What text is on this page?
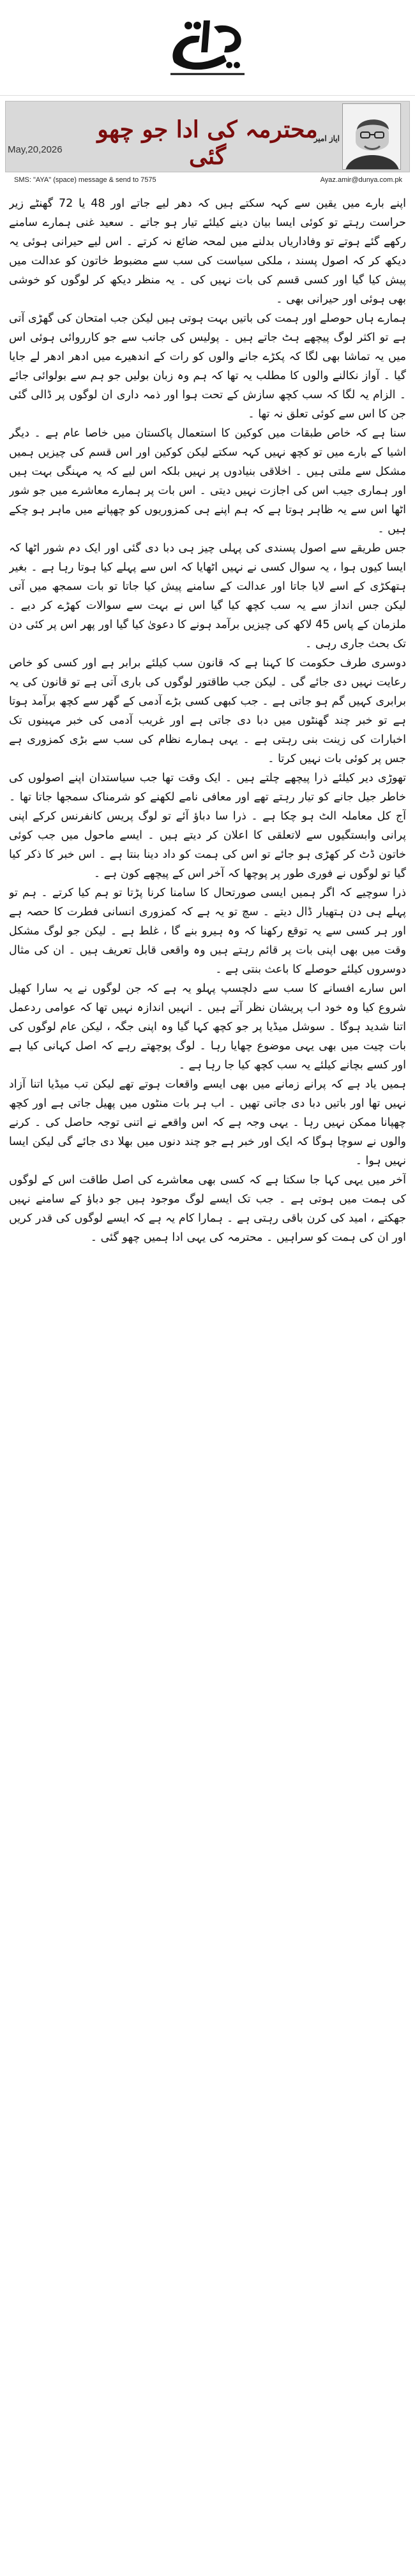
محترمہ کی ادا جو چھو گئی
ایاز امیر
May,20,2026
SMS: "AYA" (space) message & send to 7575	Ayaz.amir@dunya.com.pk

اپنے بارے میں یقین سے کہہ سکتے ہیں کہ دھر لیے جاتے اور 48 یا 72 گھنٹے زیر حراست رہتے تو کوئی ایسا بیان دینے کیلئے تیار ہو جاتے ۔ سعید غنی ہمارے سامنے رکھے گئے ہوتے تو وفاداریاں بدلنے میں لمحہ ضائع نہ کرتے ۔ اس لیے حیرانی ہوئی یہ دیکھ کر کہ اصول پسند ، ملکی سیاست کی سب سے مضبوط خاتون کو عدالت میں پیش کیا گیا اور کسی قسم کی بات نہیں کی ۔ یہ منظر دیکھ کر لوگوں کو خوشی بھی ہوئی اور حیرانی بھی ۔

ہمارے ہاں حوصلے اور ہمت کی باتیں بہت ہوتی ہیں لیکن جب امتحان کی گھڑی آتی ہے تو اکثر لوگ پیچھے ہٹ جاتے ہیں ۔ پولیس کی جانب سے جو کارروائی ہوئی اس میں یہ تماشا بھی لگا کہ پکڑے جانے والوں کو رات کے اندھیرے میں ادھر ادھر لے جایا گیا ۔ آواز نکالنے والوں کا مطلب یہ تھا کہ ہم وہ زبان بولیں جو ہم سے بولوائی جائے ۔ الزام یہ لگا کہ سب کچھ سازش کے تحت ہوا اور ذمہ داری ان لوگوں پر ڈالی گئی جن کا اس سے کوئی تعلق نہ تھا ۔

سنا ہے کہ خاص طبقات میں کوکین کا استعمال پاکستان میں خاصا عام ہے ۔ دیگر اشیا کے بارے میں تو کچھ نہیں کہہ سکتے لیکن کوکین اور اس قسم کی چیزیں ہمیں مشکل سے ملتی ہیں ۔ اخلاقی بنیادوں پر نہیں بلکہ اس لیے کہ یہ مہنگی بہت ہیں اور ہماری جیب اس کی اجازت نہیں دیتی ۔ اس بات پر ہمارے معاشرے میں جو شور اٹھا اس سے یہ ظاہر ہوتا ہے کہ ہم اپنے ہی کمزوریوں کو چھپانے میں ماہر ہو چکے ہیں ۔

جس طریقے سے اصول پسندی کی پہلی چیز ہی دبا دی گئی اور ایک دم شور اٹھا کہ ایسا کیوں ہوا ، یہ سوال کسی نے نہیں اٹھایا کہ اس سے پہلے کیا ہوتا رہا ہے ۔ بغیر ہتھکڑی کے اسے لایا جاتا اور عدالت کے سامنے پیش کیا جاتا تو بات سمجھ میں آتی لیکن جس انداز سے یہ سب کچھ کیا گیا اس نے بہت سے سوالات کھڑے کر دیے ۔ ملزمان کے پاس 45 لاکھ کی چیزیں برآمد ہونے کا دعویٰ کیا گیا اور پھر اس پر کئی دن تک بحث جاری رہی ۔

دوسری طرف حکومت کا کہنا ہے کہ قانون سب کیلئے برابر ہے اور کسی کو خاص رعایت نہیں دی جائے گی ۔ لیکن جب طاقتور لوگوں کی باری آتی ہے تو قانون کی یہ برابری کہیں گم ہو جاتی ہے ۔ جب کبھی کسی بڑے آدمی کے گھر سے کچھ برآمد ہوتا ہے تو خبر چند گھنٹوں میں دبا دی جاتی ہے اور غریب آدمی کی خبر مہینوں تک اخبارات کی زینت بنی رہتی ہے ۔ یہی ہمارے نظام کی سب سے بڑی کمزوری ہے جس پر کوئی بات نہیں کرتا ۔

تھوڑی دیر کیلئے ذرا پیچھے چلتے ہیں ۔ ایک وقت تھا جب سیاستدان اپنے اصولوں کی خاطر جیل جانے کو تیار رہتے تھے اور معافی نامے لکھنے کو شرمناک سمجھا جاتا تھا ۔ آج کل معاملہ الٹ ہو چکا ہے ۔ ذرا سا دباؤ آئے تو لوگ پریس کانفرنس کرکے اپنی پرانی وابستگیوں سے لاتعلقی کا اعلان کر دیتے ہیں ۔ ایسے ماحول میں جب کوئی خاتون ڈٹ کر کھڑی ہو جائے تو اس کی ہمت کو داد دینا بنتا ہے ۔ اس خبر کا ذکر کیا گیا تو لوگوں نے فوری طور پر پوچھا کہ آخر اس کے پیچھے کون ہے ۔

ذرا سوچیے کہ اگر ہمیں ایسی صورتحال کا سامنا کرنا پڑتا تو ہم کیا کرتے ۔ ہم تو پہلے ہی دن ہتھیار ڈال دیتے ۔ سچ تو یہ ہے کہ کمزوری انسانی فطرت کا حصہ ہے اور ہر کسی سے یہ توقع رکھنا کہ وہ ہیرو بنے گا ، غلط ہے ۔ لیکن جو لوگ مشکل وقت میں بھی اپنی بات پر قائم رہتے ہیں وہ واقعی قابل تعریف ہیں ۔ ان کی مثال دوسروں کیلئے حوصلے کا باعث بنتی ہے ۔

اس سارے افسانے کا سب سے دلچسپ پہلو یہ ہے کہ جن لوگوں نے یہ سارا کھیل شروع کیا وہ خود اب پریشان نظر آتے ہیں ۔ انہیں اندازہ نہیں تھا کہ عوامی ردعمل اتنا شدید ہوگا ۔ سوشل میڈیا پر جو کچھ کہا گیا وہ اپنی جگہ ، لیکن عام لوگوں کی بات چیت میں بھی یہی موضوع چھایا رہا ۔ لوگ پوچھتے رہے کہ اصل کہانی کیا ہے اور کسے بچانے کیلئے یہ سب کچھ کیا جا رہا ہے ۔

ہمیں یاد ہے کہ پرانے زمانے میں بھی ایسے واقعات ہوتے تھے لیکن تب میڈیا اتنا آزاد نہیں تھا اور باتیں دبا دی جاتی تھیں ۔ اب ہر بات منٹوں میں پھیل جاتی ہے اور کچھ چھپانا ممکن نہیں رہا ۔ یہی وجہ ہے کہ اس واقعے نے اتنی توجہ حاصل کی ۔ کرنے والوں نے سوچا ہوگا کہ ایک اور خبر ہے جو چند دنوں میں بھلا دی جائے گی لیکن ایسا نہیں ہوا ۔

آخر میں یہی کہا جا سکتا ہے کہ کسی بھی معاشرے کی اصل طاقت اس کے لوگوں کی ہمت میں ہوتی ہے ۔ جب تک ایسے لوگ موجود ہیں جو دباؤ کے سامنے نہیں جھکتے ، امید کی کرن باقی رہتی ہے ۔ ہمارا کام یہ ہے کہ ایسے لوگوں کی قدر کریں اور ان کی ہمت کو سراہیں ۔ محترمہ کی یہی ادا ہمیں چھو گئی ۔
